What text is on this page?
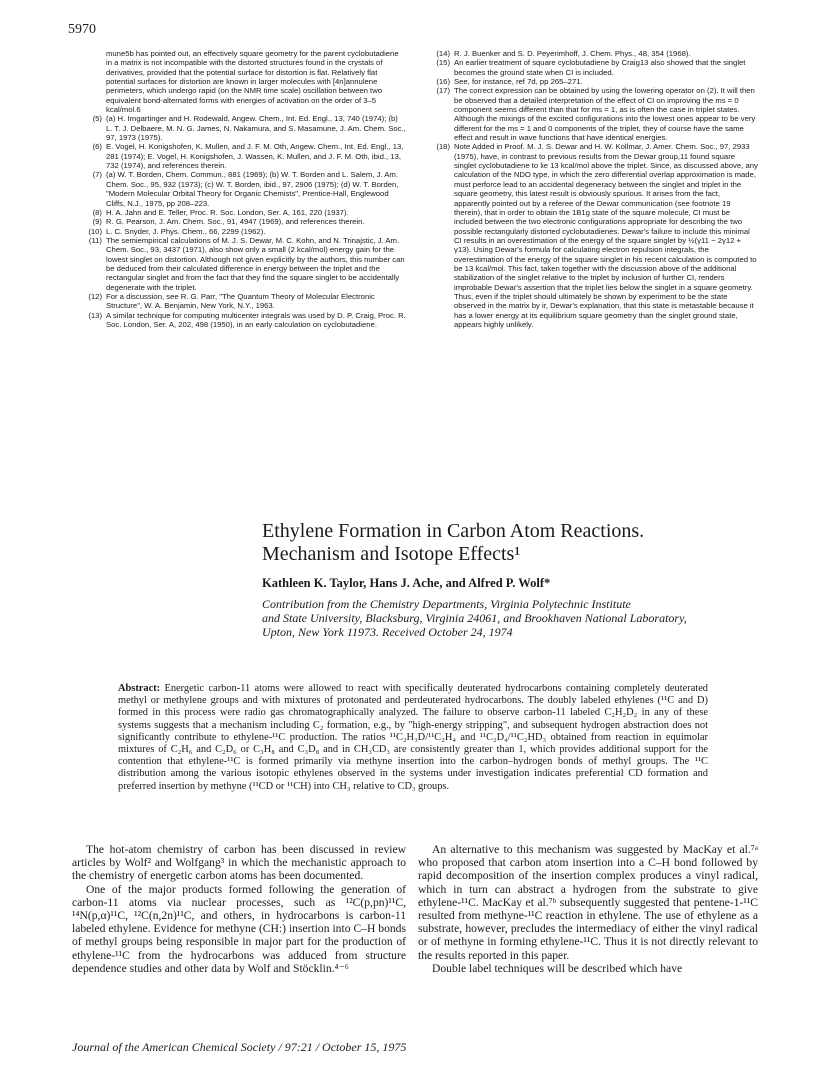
5970

mune5b has pointed out, an effectively square geometry for the parent cyclobutadiene in a matrix is not incompatible with the distorted structures found in the crystals of derivatives, provided that the potential surface for distortion is flat. Relatively flat potential surfaces for distortion are known in larger molecules with [4n]annulene perimeters, which undergo rapid (on the NMR time scale) oscillation between two equivalent bond-alternated forms with energies of activation on the order of 3–5 kcal/mol.6

(5) (a) H. Irngartinger and H. Rodewald, Angew. Chem., Int. Ed. Engl., 13, 740 (1974); (b) L. T. J. Delbaere, M. N. G. James, N. Nakamura, and S. Masamune, J. Am. Chem. Soc., 97, 1973 (1975).

(6) E. Vogel, H. Konigshofen, K. Mullen, and J. F. M. Oth, Angew. Chem., Int. Ed. Engl., 13, 281 (1974); E. Vogel, H. Konigshofen, J. Wassen, K. Mullen, and J. F. M. Oth, ibid., 13, 732 (1974), and references therein.

(7) (a) W. T. Borden, Chem. Commun., 881 (1969); (b) W. T. Borden and L. Salem, J. Am. Chem. Soc., 95, 932 (1973); (c) W. T. Borden, ibid., 97, 2906 (1975); (d) W. T. Borden, "Modern Molecular Orbital Theory for Organic Chemists", Prentice-Hall, Englewood Cliffs, N.J., 1975, pp 208–223.

(8) H. A. Jahn and E. Teller, Proc. R. Soc. London, Ser. A, 161, 220 (1937).

(9) R. G. Pearson, J. Am. Chem. Soc., 91, 4947 (1969), and references therein.

(10) L. C. Snyder, J. Phys. Chem., 66, 2299 (1962).

(11) The semiempirical calculations of M. J. S. Dewar, M. C. Kohn, and N. Trinajstic, J. Am. Chem. Soc., 93, 3437 (1971), also show only a small (2 kcal/mol) energy gain for the lowest singlet on distortion. Although not given explicitly by the authors, this number can be deduced from their calculated difference in energy between the triplet and the rectangular singlet and from the fact that they find the square singlet to be accidentally degenerate with the triplet.

(12) For a discussion, see R. G. Parr, "The Quantum Theory of Molecular Electronic Structure", W. A. Benjamin, New York, N.Y., 1963.

(13) A similar technique for computing multicenter integrals was used by D. P. Craig, Proc. R. Soc. London, Ser. A, 202, 498 (1950), in an early calculation on cyclobutadiene.

(14) R. J. Buenker and S. D. Peyerimhoff, J. Chem. Phys., 48, 354 (1968).

(15) An earlier treatment of square cyclobutadiene by Craig13 also showed that the singlet becomes the ground state when CI is included.

(16) See, for instance, ref 7d, pp 265–271.

(17) The correct expression can be obtained by using the lowering operator on (2). It will then be observed that a detailed interpretation of the effect of CI on improving the ms = 0 component seems different than that for ms = 1, as is often the case in triplet states. Although the mixings of the excited configurations into the lowest ones appear to be very different for the ms = 1 and 0 components of the triplet, they of course have the same effect and result in wave functions that have identical energies.

(18) Note Added in Proof. M. J. S. Dewar and H. W. Kollmar, J. Amer. Chem. Soc., 97, 2933 (1975), have, in contrast to previous results from the Dewar group,11 found square singlet cyclobutadiene to lie 13 kcal/mol above the triplet. Since, as discussed above, any calculation of the NDO type, in which the zero differential overlap approximation is made, must perforce lead to an accidental degeneracy between the singlet and triplet in the square geometry, this latest result is obviously spurious. It arises from the fact, apparently pointed out by a referee of the Dewar communication (see footnote 19 therein), that in order to obtain the 1B1g state of the square molecule, CI must be included between the two electronic configurations appropriate for describing the two possible rectangularly distorted cyclobutadienes. Dewar's failure to include this minimal CI results in an overestimation of the energy of the square singlet by ½(γ11 − 2γ12 + γ13). Using Dewar's formula for calculating electron repulsion integrals, the overestimation of the energy of the square singlet in his recent calculation is computed to be 13 kcal/mol. This fact, taken together with the discussion above of the additional stabilization of the singlet relative to the triplet by inclusion of further CI, renders improbable Dewar's assertion that the triplet lies below the singlet in a square geometry. Thus, even if the triplet should ultimately be shown by experiment to be the state observed in the matrix by ir, Dewar's explanation, that this state is metastable because it has a lower energy at its equilibrium square geometry than the singlet ground state, appears highly unlikely.

Ethylene Formation in Carbon Atom Reactions.
Mechanism and Isotope Effects¹
Kathleen K. Taylor, Hans J. Ache, and Alfred P. Wolf*
Contribution from the Chemistry Departments, Virginia Polytechnic Institute
and State University, Blacksburg, Virginia 24061, and Brookhaven National Laboratory,
Upton, New York 11973. Received October 24, 1974

Abstract: Energetic carbon-11 atoms were allowed to react with specifically deuterated hydrocarbons containing completely deuterated methyl or methylene groups and with mixtures of protonated and perdeuterated hydrocarbons. The doubly labeled ethylenes (¹¹C and D) formed in this process were radio gas chromatographically analyzed. The failure to observe carbon-11 labeled C₂H₂D₂ in any of these systems suggests that a mechanism including C₂ formation, e.g., by "high-energy stripping", and subsequent hydrogen abstraction does not significantly contribute to ethylene-¹¹C production. The ratios ¹¹C₂H₃D/¹¹C₂H₄ and ¹¹C₂D₄/¹¹C₂HD₃ obtained from reaction in equimolar mixtures of C₂H₆ and C₂D₆ or C₃H₈ and C₃D₈ and in CH₃CD₃ are consistently greater than 1, which provides additional support for the contention that ethylene-¹¹C is formed primarily via methyne insertion into the carbon–hydrogen bonds of methyl groups. The ¹¹C distribution among the various isotopic ethylenes observed in the systems under investigation indicates preferential CD formation and preferred insertion by methyne (¹¹CD or ¹¹CH) into CH₃ relative to CD₃ groups.

The hot-atom chemistry of carbon has been discussed in review articles by Wolf² and Wolfgang³ in which the mechanistic approach to the chemistry of energetic carbon atoms has been documented.

One of the major products formed following the generation of carbon-11 atoms via nuclear processes, such as ¹²C(p,pn)¹¹C, ¹⁴N(p,α)¹¹C, ¹²C(n,2n)¹¹C, and others, in hydrocarbons is carbon-11 labeled ethylene. Evidence for methyne (CH:) insertion into C–H bonds of methyl groups being responsible in major part for the production of ethylene-¹¹C from the hydrocarbons was adduced from structure dependence studies and other data by Wolf and Stöcklin.⁴⁻⁶

An alternative to this mechanism was suggested by MacKay et al.⁷ᵃ who proposed that carbon atom insertion into a C–H bond followed by rapid decomposition of the insertion complex produces a vinyl radical, which in turn can abstract a hydrogen from the substrate to give ethylene-¹¹C. MacKay et al.⁷ᵇ subsequently suggested that pentene-1-¹¹C resulted from methyne-¹¹C reaction in ethylene. The use of ethylene as a substrate, however, precludes the intermediacy of either the vinyl radical or of methyne in forming ethylene-¹¹C. Thus it is not directly relevant to the results reported in this paper.

Double label techniques will be described which have

Journal of the American Chemical Society / 97:21 / October 15, 1975
